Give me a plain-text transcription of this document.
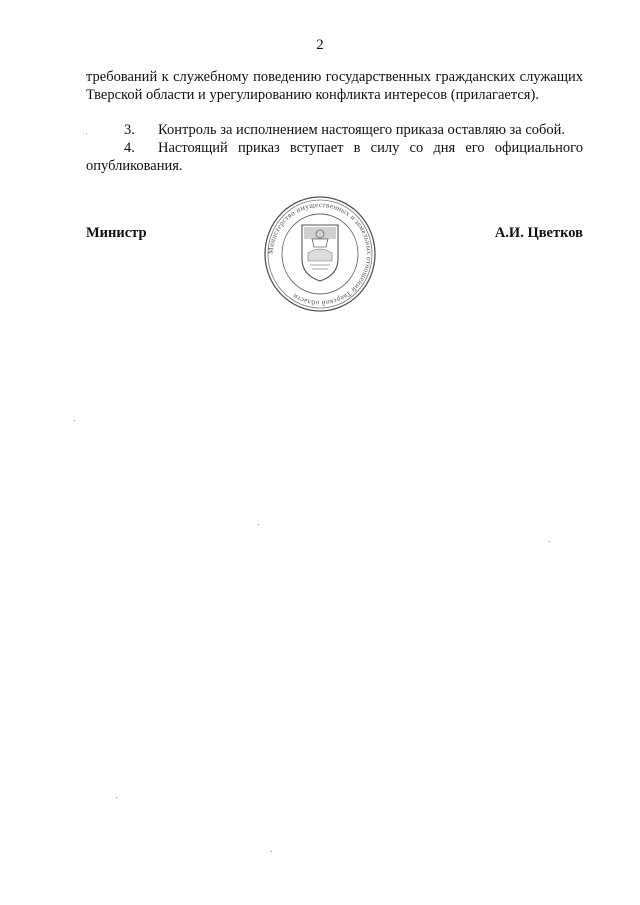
2
требований к служебному поведению государственных гражданских служащих Тверской области и урегулированию конфликта интересов (прилагается).
3. Контроль за исполнением настоящего приказа оставляю за собой.
4. Настоящий приказ вступает в силу со дня его официального опубликования.
Министр	А.И. Цветков
Министерство имущественных и земельных отношений Тверской области
